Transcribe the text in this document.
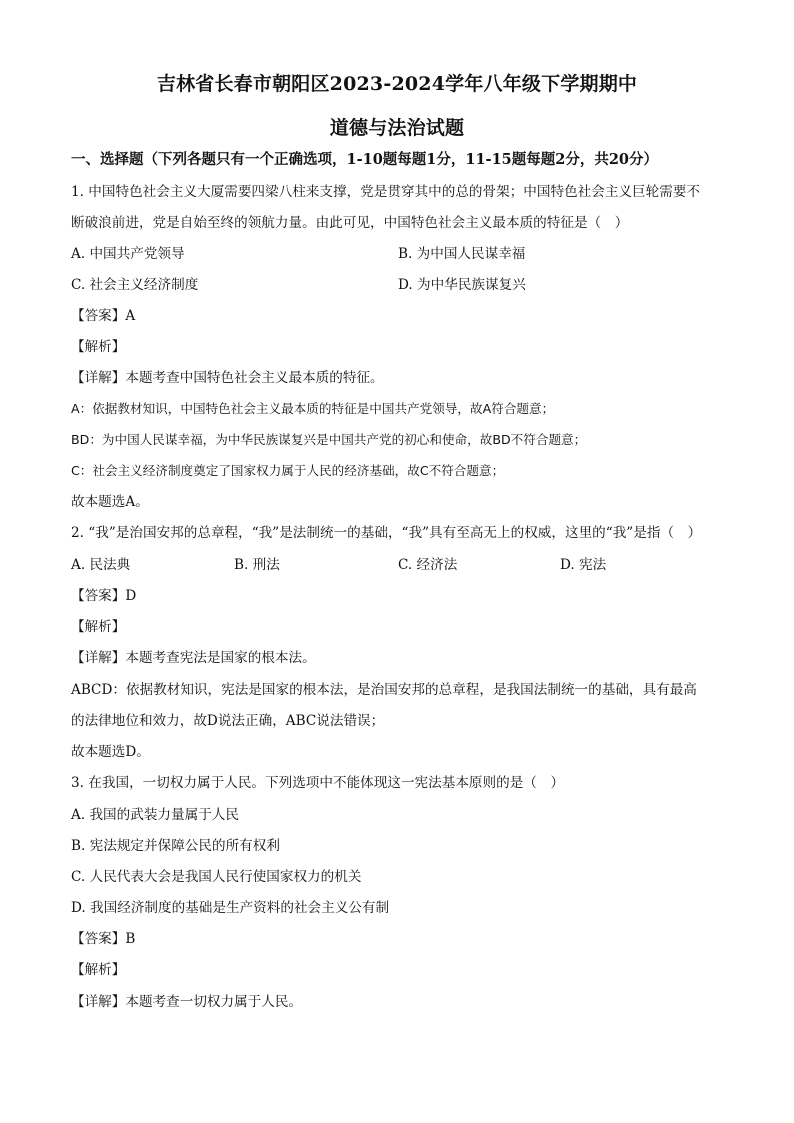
吉林省长春市朝阳区2023-2024学年八年级下学期期中
道德与法治试题
一、选择题（下列各题只有一个正确选项，1-10题每题1分，11-15题每题2分，共20分）
1. 中国特色社会主义大厦需要四梁八柱来支撑，党是贯穿其中的总的骨架；中国特色社会主义巨轮需要不
断破浪前进，党是自始至终的领航力量。由此可见，中国特色社会主义最本质的特征是（　）
A. 中国共产党领导	B. 为中国人民谋幸福
C. 社会主义经济制度	D. 为中华民族谋复兴
【答案】A
【解析】
【详解】本题考查中国特色社会主义最本质的特征。
A：依据教材知识，中国特色社会主义最本质的特征是中国共产党领导，故A符合题意；
BD：为中国人民谋幸福，为中华民族谋复兴是中国共产党的初心和使命，故BD不符合题意；
C：社会主义经济制度奠定了国家权力属于人民的经济基础，故C不符合题意；
故本题选A。
2. “我”是治国安邦的总章程，“我”是法制统一的基础，“我”具有至高无上的权威，这里的“我”是指（　）
A. 民法典	B. 刑法	C. 经济法	D. 宪法
【答案】D
【解析】
【详解】本题考查宪法是国家的根本法。
ABCD：依据教材知识，宪法是国家的根本法，是治国安邦的总章程，是我国法制统一的基础，具有最高
的法律地位和效力，故D说法正确，ABC说法错误；
故本题选D。
3. 在我国，一切权力属于人民。下列选项中不能体现这一宪法基本原则的是（　）
A. 我国的武装力量属于人民
B. 宪法规定并保障公民的所有权利
C. 人民代表大会是我国人民行使国家权力的机关
D. 我国经济制度的基础是生产资料的社会主义公有制
【答案】B
【解析】
【详解】本题考查一切权力属于人民。
